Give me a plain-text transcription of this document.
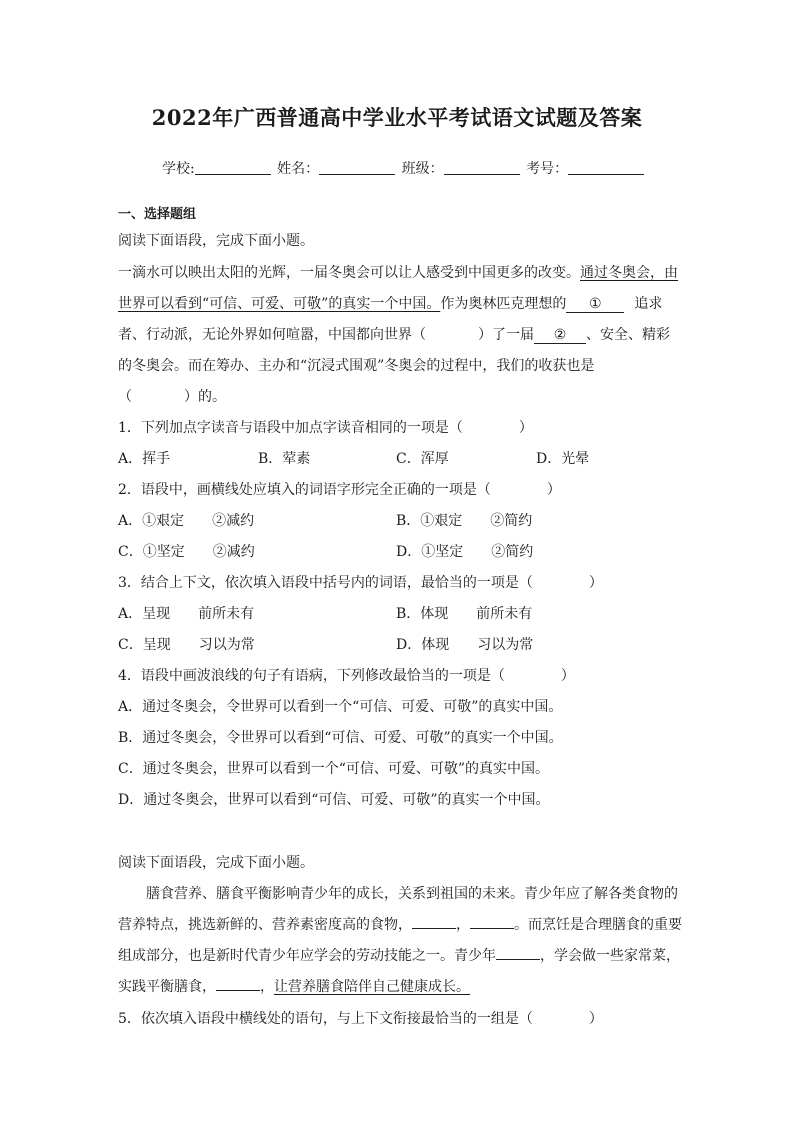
2022年广西普通高中学业水平考试语文试题及答案
学校:	姓名：	班级：	考号：
一、选择题组
阅读下面语段，完成下面小题。
一滴水可以映出太阳的光辉，一届冬奥会可以让人感受到中国更多的改变。通过冬奥会，由
世界可以看到“可信、可爱、可敬”的真实一个中国。作为奥林匹克理想的 ① 追求
者、行动派，无论外界如何喧嚣，中国都向世界（	）了一届 ② 、安全、精彩
的冬奥会。而在筹办、主办和“沉浸式围观”冬奥会的过程中，我们的收获也是
（	）的。
1．下列加点字读音与语段中加点字读音相同的一项是（　　　　）
A．挥手	B．荤素	C．浑厚	D．光晕
2．语段中，画横线处应填入的词语字形完全正确的一项是（　　　　）
A．①艰定　　②减约	B．①艰定　　②简约
C．①坚定　　②减约	D．①坚定　　②简约
3．结合上下文，依次填入语段中括号内的词语，最恰当的一项是（　　　　）
A．呈现　　前所未有	B．体现　　前所未有
C．呈现　　习以为常	D．体现　　习以为常
4．语段中画波浪线的句子有语病，下列修改最恰当的一项是（　　　　）
A．通过冬奥会，令世界可以看到一个“可信、可爱、可敬”的真实中国。
B．通过冬奥会，令世界可以看到“可信、可爱、可敬”的真实一个中国。
C．通过冬奥会，世界可以看到一个“可信、可爱、可敬”的真实中国。
D．通过冬奥会，世界可以看到“可信、可爱、可敬”的真实一个中国。
阅读下面语段，完成下面小题。
膳食营养、膳食平衡影响青少年的成长，关系到祖国的未来。青少年应了解各类食物的
营养特点，挑选新鲜的、营养素密度高的食物，	，	。而烹饪是合理膳食的重要
组成部分，也是新时代青少年应学会的劳动技能之一。青少年	，学会做一些家常菜，
实践平衡膳食，	，让营养膳食陪伴自己健康成长。
5．依次填入语段中横线处的语句，与上下文衔接最恰当的一组是（　　　　）
